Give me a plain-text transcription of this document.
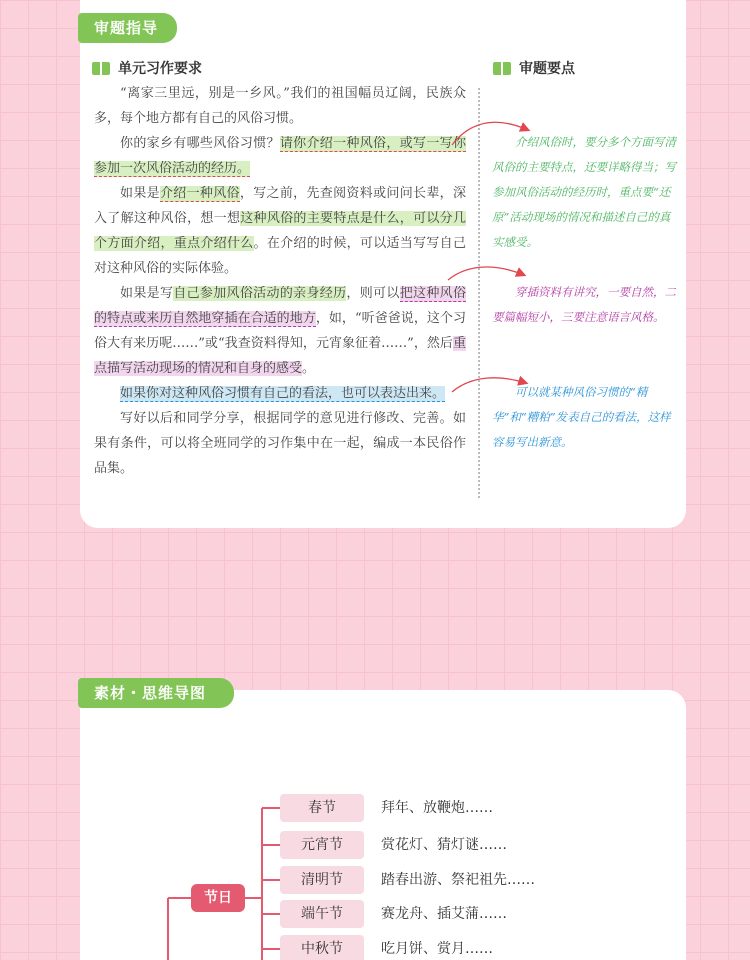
审题指导
单元习作要求	审题要点

“离家三里远，别是一乡风。”我们的祖国幅员辽阔，民族众多，每个地方都有自己的风俗习惯。

你的家乡有哪些风俗习惯？请你介绍一种风俗，或写一写你参加一次风俗活动的经历。

如果是介绍一种风俗，写之前，先查阅资料或问问长辈，深入了解这种风俗，想一想这种风俗的主要特点是什么，可以分几个方面介绍，重点介绍什么。在介绍的时候，可以适当写写自己对这种风俗的实际体验。

如果是写自己参加风俗活动的亲身经历，则可以把这种风俗的特点或来历自然地穿插在合适的地方，如，“听爸爸说，这个习俗大有来历呢……”或“我查资料得知，元宵象征着……”，然后重点描写活动现场的情况和自身的感受。

如果你对这种风俗习惯有自己的看法，也可以表达出来。

写好以后和同学分享，根据同学的意见进行修改、完善。如果有条件，可以将全班同学的习作集中在一起，编成一本民俗作品集。

介绍风俗时，要分多个方面写清风俗的主要特点，还要详略得当；写参加风俗活动的经历时，重点要“还原”活动现场的情况和描述自己的真实感受。
穿插资料有讲究，一要自然，二要篇幅短小，三要注意语言风格。
可以就某种风俗习惯的“精华”和“糟粕”发表自己的看法，这样容易写出新意。
素材・思维导图
节日
春节	拜年、放鞭炮……
元宵节	赏花灯、猜灯谜……
清明节	踏春出游、祭祀祖先……
端午节	赛龙舟、插艾蒲……
中秋节	吃月饼、赏月……
